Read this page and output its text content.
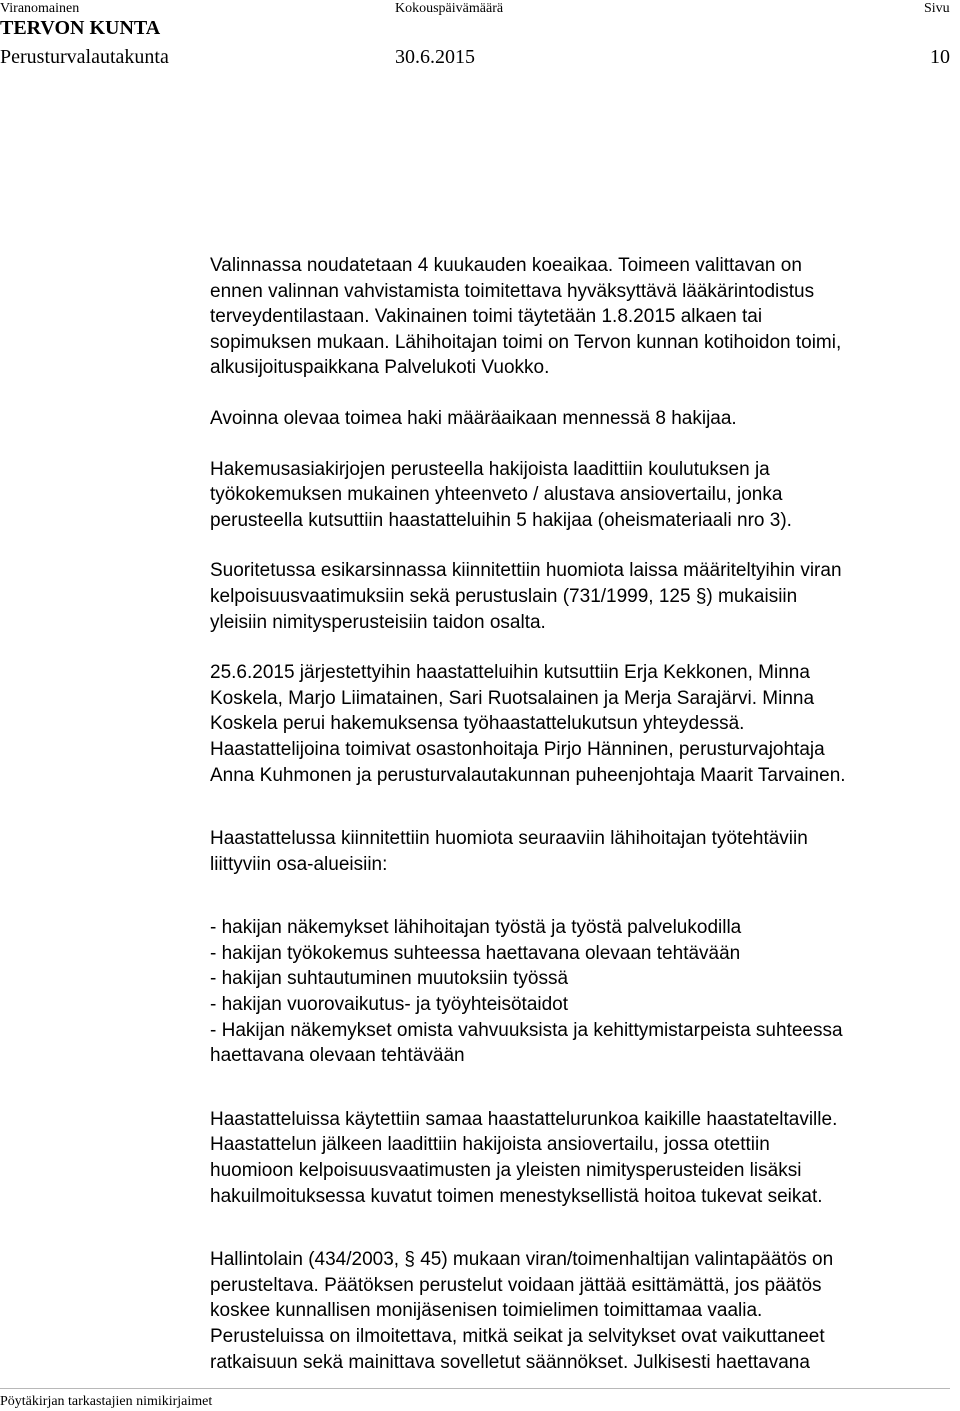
Viranomainen	Kokouspäivämäärä	Sivu
TERVON KUNTA
Perusturvalautakunta	30.6.2015	10

Valinnassa noudatetaan 4 kuukauden koeaikaa. Toimeen valittavan on
ennen valinnan vahvistamista toimitettava hyväksyttävä lääkärintodistus
terveydentilastaan. Vakinainen toimi täytetään 1.8.2015 alkaen tai
sopimuksen mukaan. Lähihoitajan toimi on Tervon kunnan kotihoidon toimi,
alkusijoituspaikkana Palvelukoti Vuokko.

Avoinna olevaa toimea haki määräaikaan mennessä 8 hakijaa.

Hakemusasiakirjojen perusteella hakijoista laadittiin koulutuksen ja
työkokemuksen mukainen yhteenveto / alustava ansiovertailu, jonka
perusteella kutsuttiin haastatteluihin 5 hakijaa (oheismateriaali nro 3).

Suoritetussa esikarsinnassa kiinnitettiin huomiota laissa määriteltyihin viran
kelpoisuusvaatimuksiin sekä perustuslain (731/1999, 125 §) mukaisiin
yleisiin nimitysperusteisiin taidon osalta.

25.6.2015 järjestettyihin haastatteluihin kutsuttiin Erja Kekkonen, Minna
Koskela, Marjo Liimatainen, Sari Ruotsalainen ja Merja Sarajärvi. Minna
Koskela perui hakemuksensa työhaastattelukutsun yhteydessä.
Haastattelijoina toimivat osastonhoitaja Pirjo Hänninen, perusturvajohtaja
Anna Kuhmonen ja perusturvalautakunnan puheenjohtaja Maarit Tarvainen.

Haastattelussa kiinnitettiin huomiota seuraaviin lähihoitajan työtehtäviin
liittyviin osa-alueisiin:

- hakijan näkemykset lähihoitajan työstä ja työstä palvelukodilla
- hakijan työkokemus suhteessa haettavana olevaan tehtävään
- hakijan suhtautuminen muutoksiin työssä
- hakijan vuorovaikutus- ja työyhteisötaidot
- Hakijan näkemykset omista vahvuuksista ja kehittymistarpeista suhteessa
haettavana olevaan tehtävään

Haastatteluissa käytettiin samaa haastattelurunkoa kaikille haastateltaville.
Haastattelun jälkeen laadittiin hakijoista ansiovertailu, jossa otettiin
huomioon kelpoisuusvaatimusten ja yleisten nimitysperusteiden lisäksi
hakuilmoituksessa kuvatut toimen menestyksellistä hoitoa tukevat seikat.

Hallintolain (434/2003, § 45) mukaan viran/toimenhaltijan valintapäätös on
perusteltava. Päätöksen perustelut voidaan jättää esittämättä, jos päätös
koskee kunnallisen monijäsenisen toimielimen toimittamaa vaalia.
Perusteluissa on ilmoitettava, mitkä seikat ja selvitykset ovat vaikuttaneet
ratkaisuun sekä mainittava sovelletut säännökset. Julkisesti haettavana

Pöytäkirjan tarkastajien nimikirjaimet
